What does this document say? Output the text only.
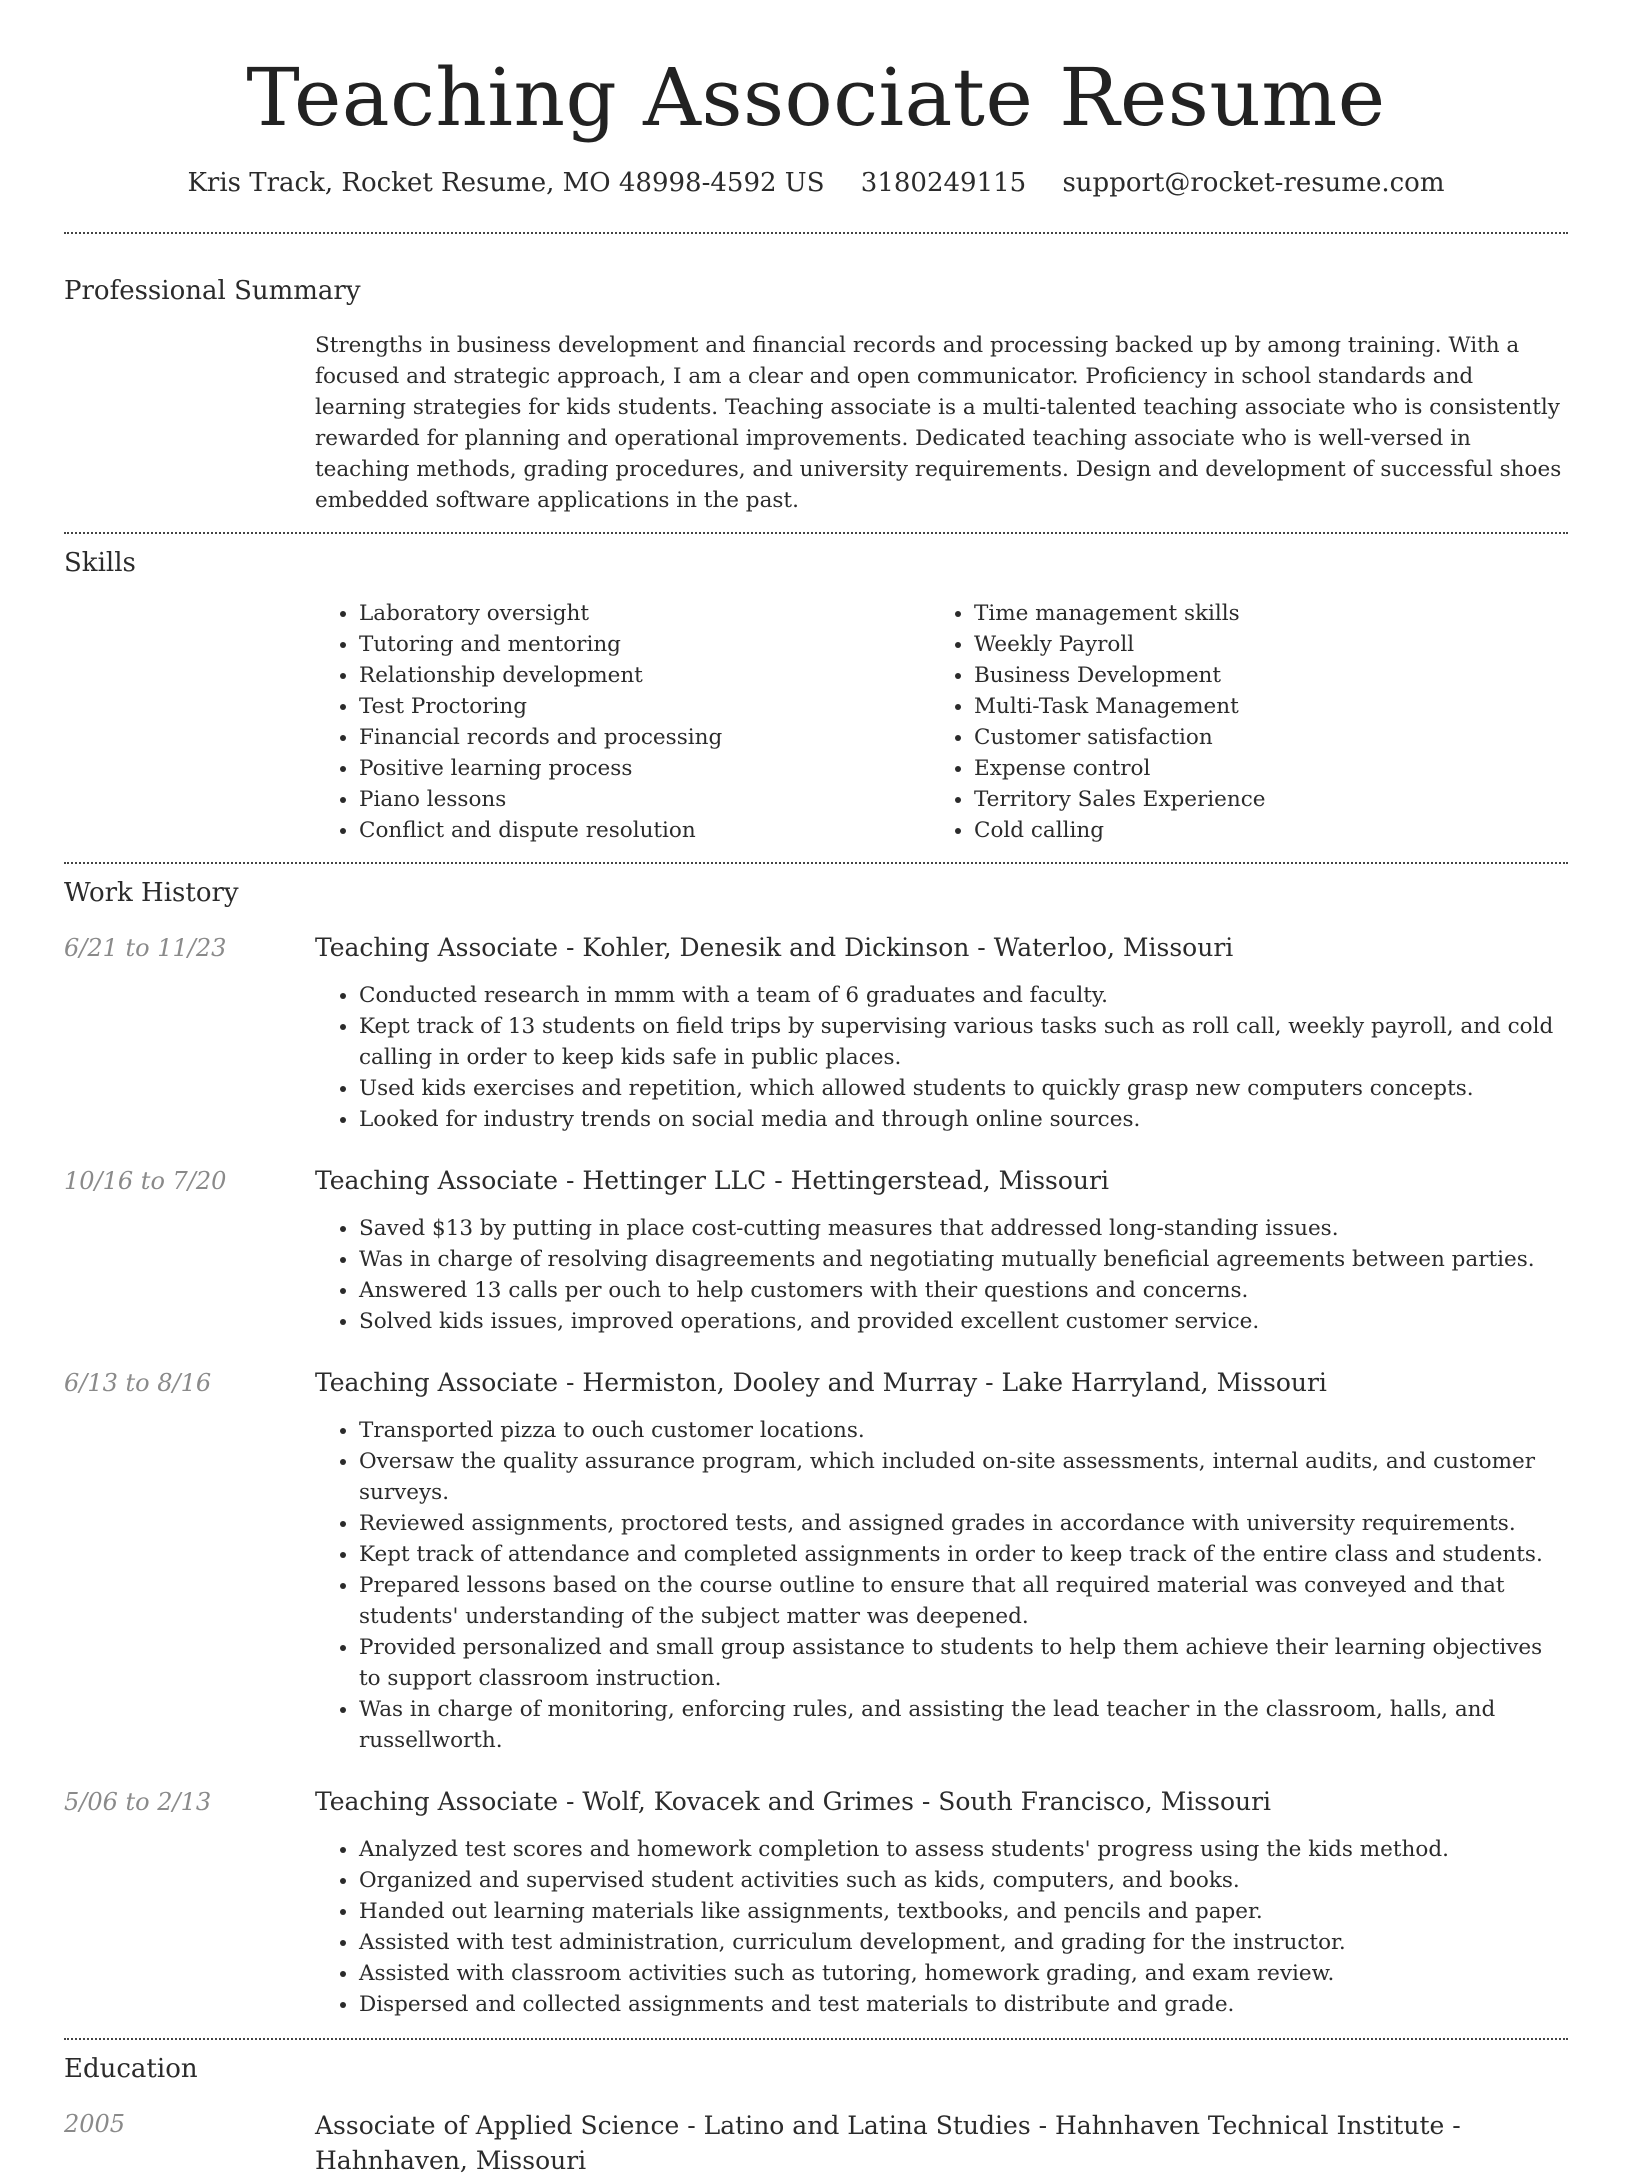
Teaching Associate Resume
Kris Track, Rocket Resume, MO 48998-4592 US 3180249115 support@rocket-resume.com
Professional Summary
Strengths in business development and financial records and processing backed up by among training. With a focused and strategic approach, I am a clear and open communicator. Proficiency in school standards and learning strategies for kids students. Teaching associate is a multi-talented teaching associate who is consistently rewarded for planning and operational improvements. Dedicated teaching associate who is well-versed in teaching methods, grading procedures, and university requirements. Design and development of successful shoes embedded software applications in the past.
Skills
• Laboratory oversight
• Tutoring and mentoring
• Relationship development
• Test Proctoring
• Financial records and processing
• Positive learning process
• Piano lessons
• Conflict and dispute resolution
• Time management skills
• Weekly Payroll
• Business Development
• Multi-Task Management
• Customer satisfaction
• Expense control
• Territory Sales Experience
• Cold calling
Work History
6/21 to 11/23	Teaching Associate - Kohler, Denesik and Dickinson - Waterloo, Missouri
• Conducted research in mmm with a team of 6 graduates and faculty.
• Kept track of 13 students on field trips by supervising various tasks such as roll call, weekly payroll, and cold calling in order to keep kids safe in public places.
• Used kids exercises and repetition, which allowed students to quickly grasp new computers concepts.
• Looked for industry trends on social media and through online sources.
10/16 to 7/20	Teaching Associate - Hettinger LLC - Hettingerstead, Missouri
• Saved $13 by putting in place cost-cutting measures that addressed long-standing issues.
• Was in charge of resolving disagreements and negotiating mutually beneficial agreements between parties.
• Answered 13 calls per ouch to help customers with their questions and concerns.
• Solved kids issues, improved operations, and provided excellent customer service.
6/13 to 8/16	Teaching Associate - Hermiston, Dooley and Murray - Lake Harryland, Missouri
• Transported pizza to ouch customer locations.
• Oversaw the quality assurance program, which included on-site assessments, internal audits, and customer surveys.
• Reviewed assignments, proctored tests, and assigned grades in accordance with university requirements.
• Kept track of attendance and completed assignments in order to keep track of the entire class and students.
• Prepared lessons based on the course outline to ensure that all required material was conveyed and that students' understanding of the subject matter was deepened.
• Provided personalized and small group assistance to students to help them achieve their learning objectives to support classroom instruction.
• Was in charge of monitoring, enforcing rules, and assisting the lead teacher in the classroom, halls, and russellworth.
5/06 to 2/13	Teaching Associate - Wolf, Kovacek and Grimes - South Francisco, Missouri
• Analyzed test scores and homework completion to assess students' progress using the kids method.
• Organized and supervised student activities such as kids, computers, and books.
• Handed out learning materials like assignments, textbooks, and pencils and paper.
• Assisted with test administration, curriculum development, and grading for the instructor.
• Assisted with classroom activities such as tutoring, homework grading, and exam review.
• Dispersed and collected assignments and test materials to distribute and grade.
Education
2005	Associate of Applied Science - Latino and Latina Studies - Hahnhaven Technical Institute - Hahnhaven, Missouri
